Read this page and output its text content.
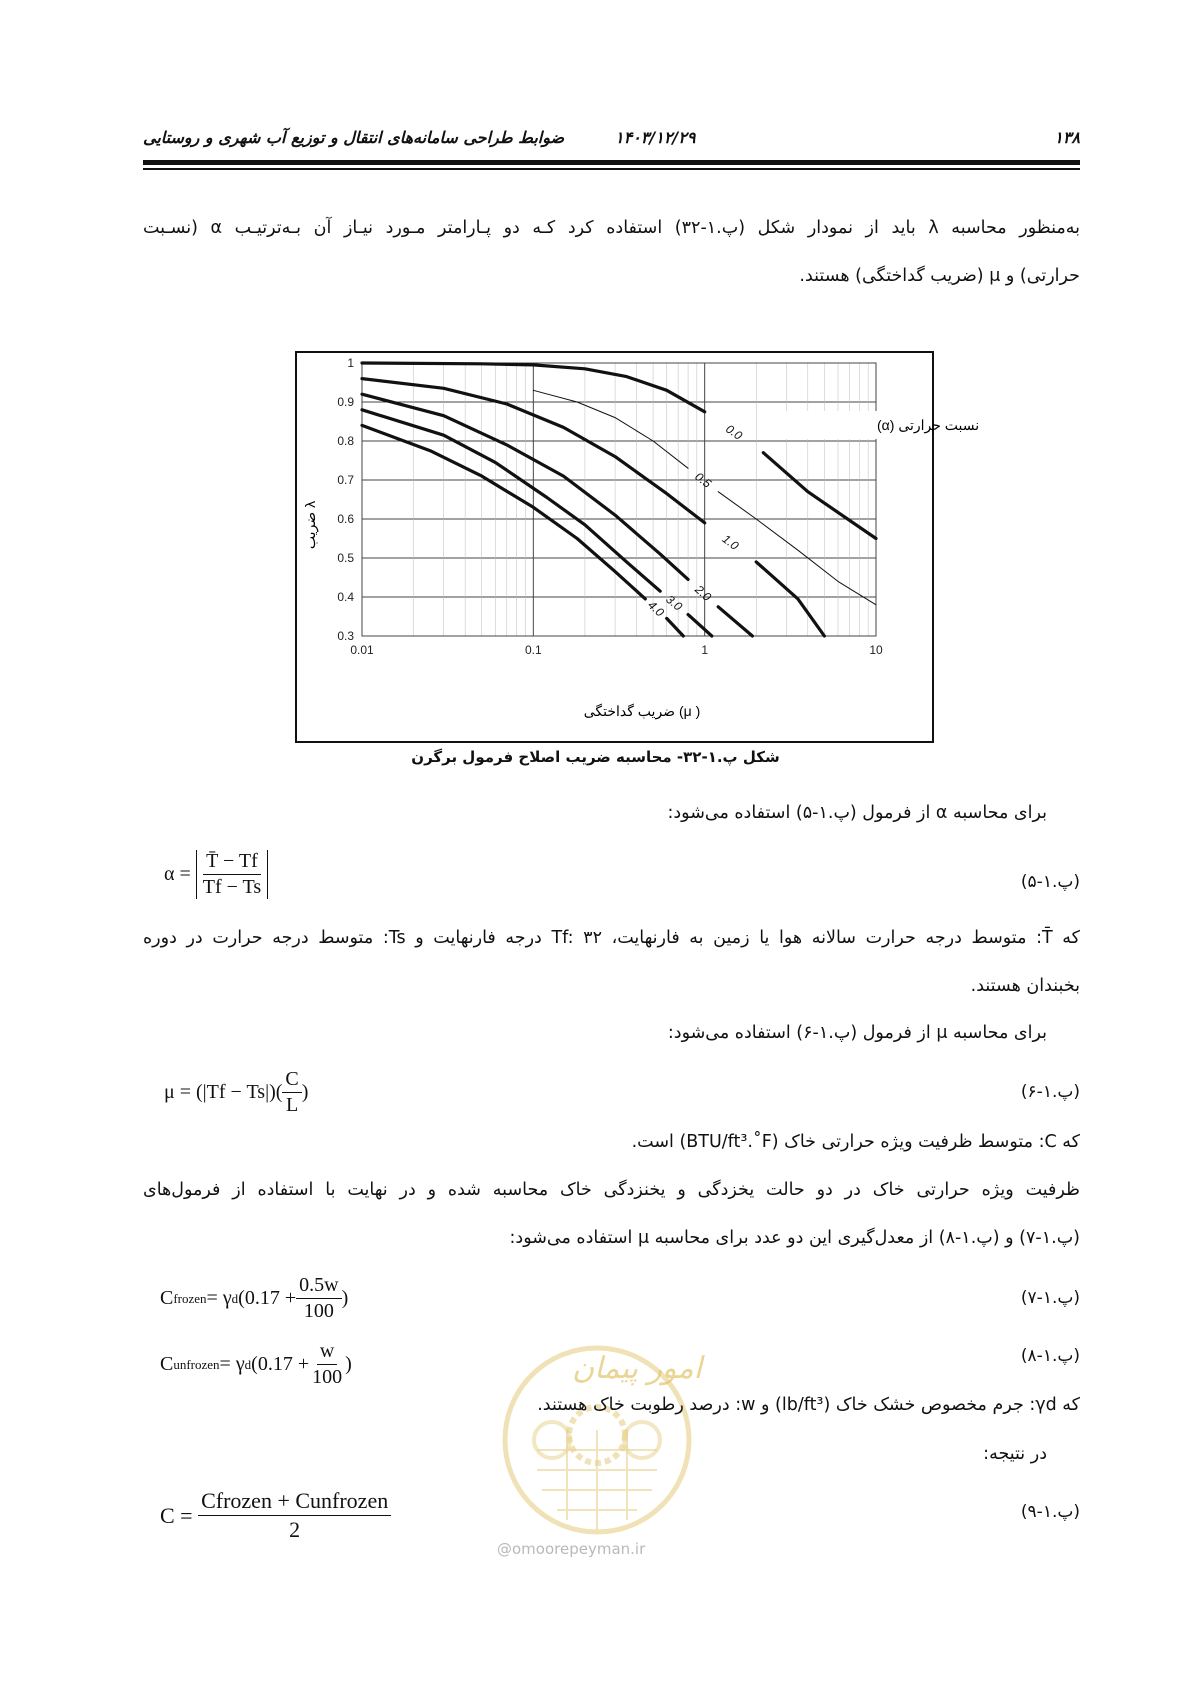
۱۳۸
۱۴۰۳/۱۲/۲۹
ضوابط طراحی سامانه‌های انتقال و توزیع آب شهری و روستایی
به‌منظور محاسبه λ باید از نمودار شکل (پ.۱-۳۲) استفاده کرد کـه دو پـارامتر مـورد نیـاز آن بـه‌ترتیـب α (نسـبت
حرارتی) و μ (ضریب گداختگی) هستند.
0.3
0.4
0.5
0.6
0.7
0.8
0.9
1
0.01	0.1	1	10
0.0
0.5
1.0
2.0
3.0
4.0
( μ) ضریب گداختگی
λ ضریب
نسبت حرارتی (α)
شکل پ.۱-۳۲- محاسبه ضریب اصلاح فرمول برگرن
برای محاسبه α از فرمول (پ.۱-۵) استفاده می‌شود:
α =
$\frac{T̄ - Tf}{Tf - Ts}$	(پ.۱-۵)
که T̄: متوسط درجه حرارت سالانه هوا یا زمین به فارنهایت، Tf: ۳۲ درجه فارنهایت و Ts: متوسط درجه حرارت در دوره
بخبندان هستند.
برای محاسبه μ از فرمول (پ.۱-۶) استفاده می‌شود:
$\mu = (|Tf - Ts|)( \frac{C}{L}$ )	(پ.۱-۶)
که C: متوسط ظرفیت ویژه حرارتی خاک (BTU/ft³.˚F) است.
ظرفیت ویژه حرارتی خاک در دو حالت یخزدگی و یخنزدگی خاک محاسبه شده و در نهایت با استفاده از فرمول‌های
(پ.۱-۷) و (پ.۱-۸) از معدل‌گیری این دو عدد برای محاسبه μ استفاده می‌شود:
C frozen = γ d ($0.17 + \frac{0.5w}{100}$ )	(پ.۱-۷)
C unfrozen = γ d ($0.17 + \frac{w}{100}$ )	(پ.۱-۸)
امور پیمان
که γd: جرم مخصوص خشک خاک (lb/ft³) و w: درصد رطوبت خاک هستند.
در نتیجه:
C =
$\frac{\text{Cfrozen + Cunfrozen}}{2}$	(پ.۱-۹)
@omoorepeyman.ir
